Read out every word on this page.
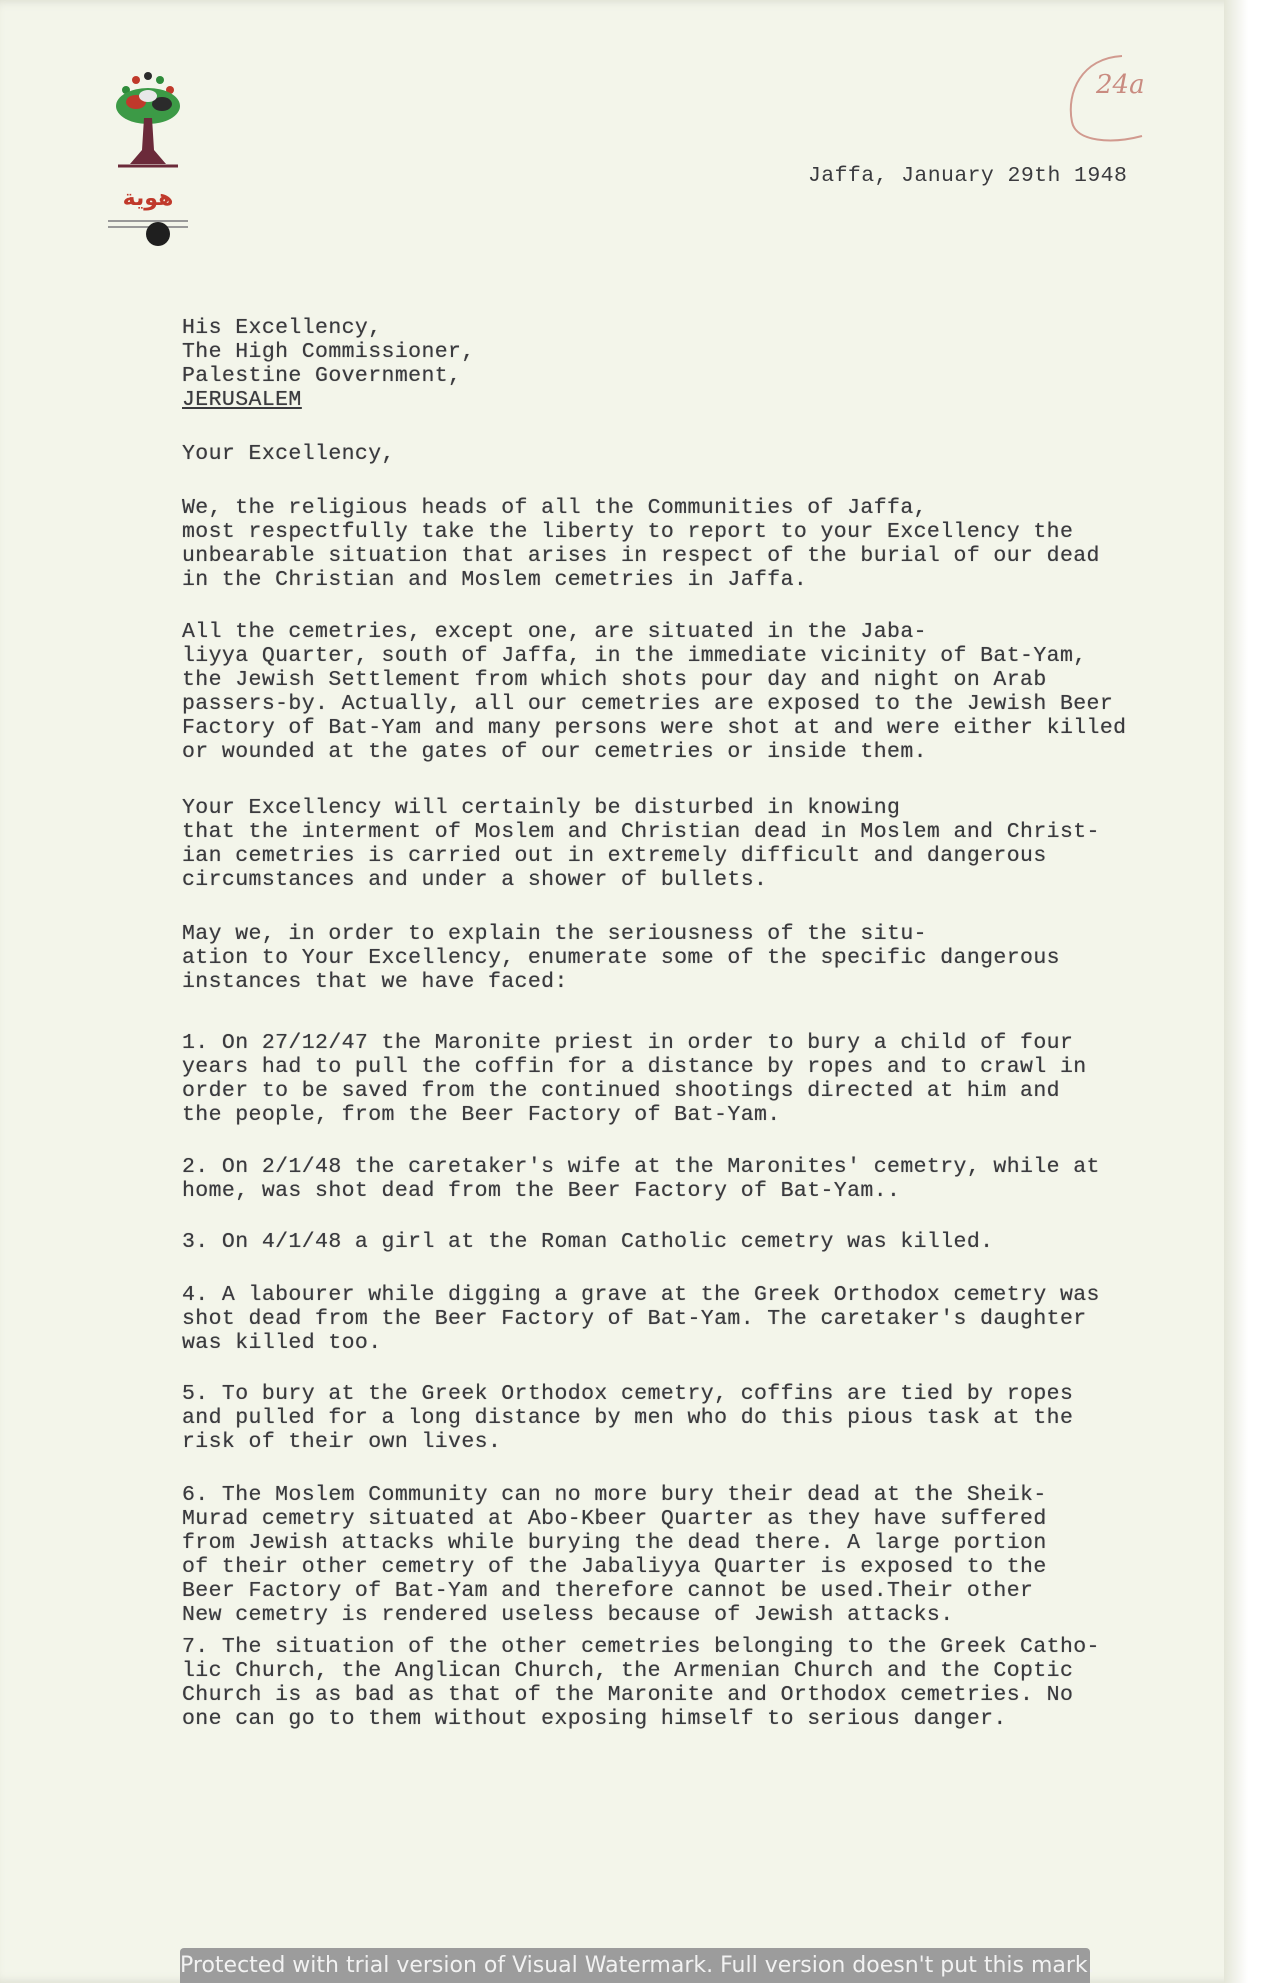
هوية
24a
Jaffa, January 29th 1948
His Excellency,
The High Commissioner,
Palestine Government,
JERUSALEM
Your Excellency,
We, the religious heads of all the Communities of Jaffa,
most respectfully take the liberty to report to your Excellency the
unbearable situation that arises in respect of the burial of our dead
in the Christian and Moslem cemetries in Jaffa.
All the cemetries, except one, are situated in the Jaba-
liyya Quarter, south of Jaffa, in the immediate vicinity of Bat-Yam,
the Jewish Settlement from which shots pour day and night on Arab
passers-by. Actually, all our cemetries are exposed to the Jewish Beer
Factory of Bat-Yam and many persons were shot at and were either killed
or wounded at the gates of our cemetries or inside them.
Your Excellency will certainly be disturbed in knowing
that the interment of Moslem and Christian dead in Moslem and Christ-
ian cemetries is carried out in extremely difficult and dangerous
circumstances and under a shower of bullets.
May we, in order to explain the seriousness of the situ-
ation to Your Excellency, enumerate some of the specific dangerous
instances that we have faced:
1. On 27/12/47 the Maronite priest in order to bury a child of four
years had to pull the coffin for a distance by ropes and to crawl in
order to be saved from the continued shootings directed at him and
the people, from the Beer Factory of Bat-Yam.
2. On 2/1/48 the caretaker's wife at the Maronites' cemetry, while at
home, was shot dead from the Beer Factory of Bat-Yam..
3. On 4/1/48 a girl at the Roman Catholic cemetry was killed.
4. A labourer while digging a grave at the Greek Orthodox cemetry was
shot dead from the Beer Factory of Bat-Yam. The caretaker's daughter
was killed too.
5. To bury at the Greek Orthodox cemetry, coffins are tied by ropes
and pulled for a long distance by men who do this pious task at the
risk of their own lives.
6. The Moslem Community can no more bury their dead at the Sheik-
Murad cemetry situated at Abo-Kbeer Quarter as they have suffered
from Jewish attacks while burying the dead there. A large portion
of their other cemetry of the Jabaliyya Quarter is exposed to the
Beer Factory of Bat-Yam and therefore cannot be used.Their other
New cemetry is rendered useless because of Jewish attacks.
7. The situation of the other cemetries belonging to the Greek Catho-
lic Church, the Anglican Church, the Armenian Church and the Coptic
Church is as bad as that of the Maronite and Orthodox cemetries. No
one can go to them without exposing himself to serious danger.
Protected with trial version of Visual Watermark. Full version doesn't put this mark.
